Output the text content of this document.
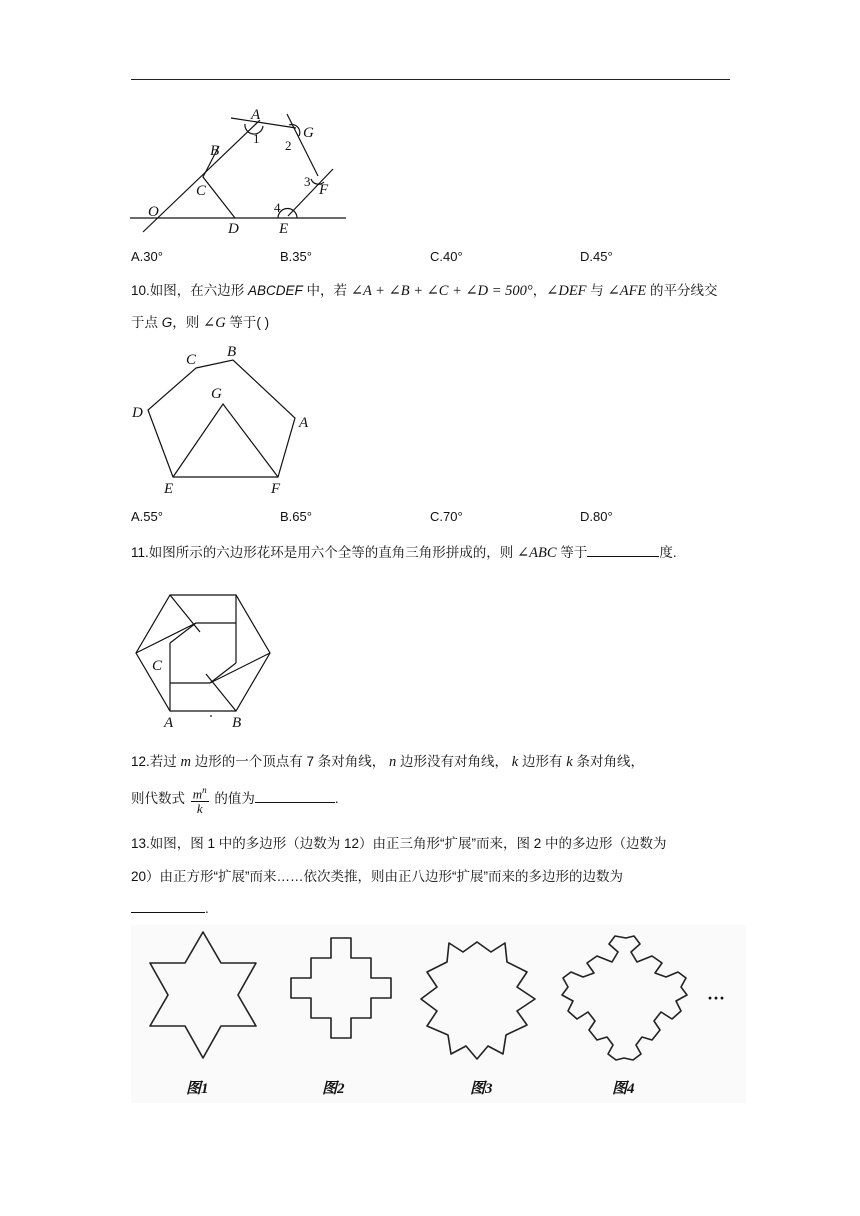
A
1	G
2
B
C
3
F
4
O
D	E
A.30°	B.35°	C.40°	D.45°
10.如图，在六边形 ABCDEF 中，若 ∠A + ∠B + ∠C + ∠D = 500°，∠DEF 与 ∠AFE 的平分线交
于点 G，则 ∠G 等于( )
C B
G
D
A
E	F
A.55°	B.65°	C.70°	D.80°
11.如图所示的六边形花环是用六个全等的直角三角形拼成的，则 ∠ABC 等于	度.
C
A	B
12.若过 m 边形的一个顶点有 7 条对角线， n 边形没有对角线， k 边形有 k 条对角线，
则代数式 $\frac{m^n}{k}$ 的值为	.
13.如图，图 1 中的多边形（边数为 12）由正三角形“扩展”而来，图 2 中的多边形（边数为
20）由正方形“扩展”而来……依次类推，则由正八边形“扩展”而来的多边形的边数为
.
···
图1	图2	图3	图4
